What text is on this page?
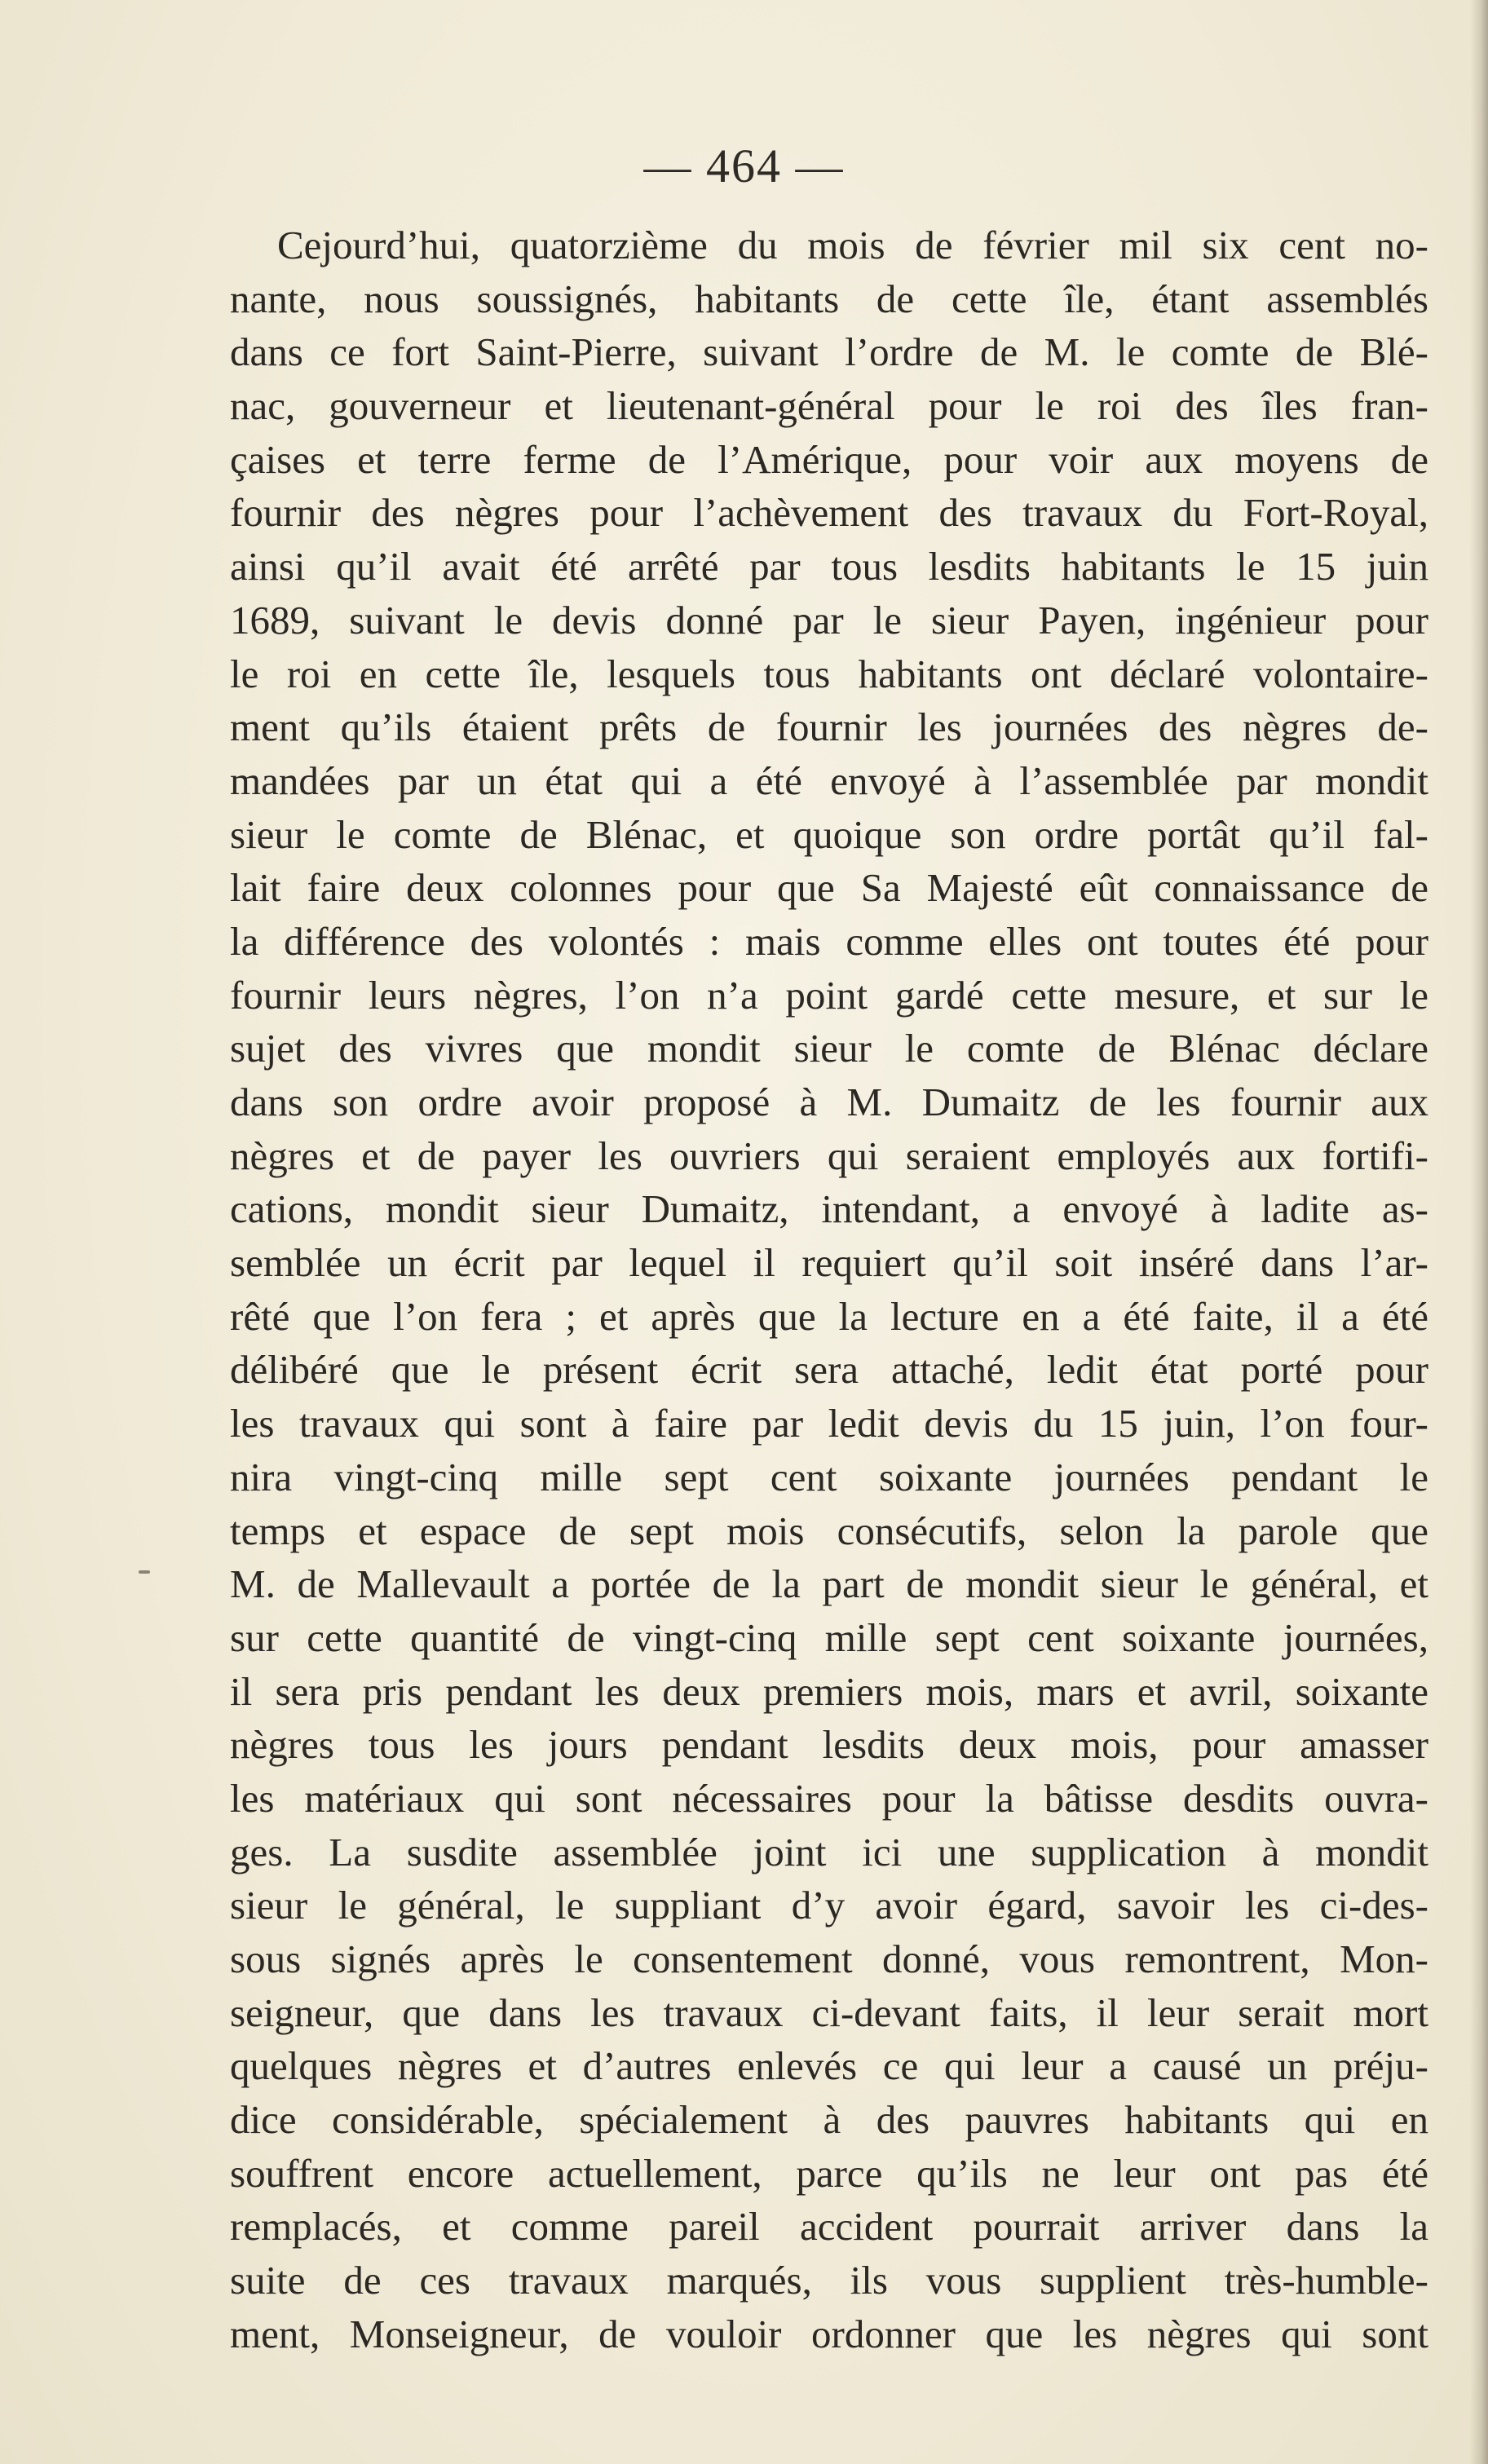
— 464 —
Cejourd’hui, quatorzième du mois de février mil six cent no-
nante, nous soussignés, habitants de cette île, étant assemblés
dans ce fort Saint-Pierre, suivant l’ordre de M. le comte de Blé-
nac, gouverneur et lieutenant-général pour le roi des îles fran-
çaises et terre ferme de l’Amérique, pour voir aux moyens de
fournir des nègres pour l’achèvement des travaux du Fort-Royal,
ainsi qu’il avait été arrêté par tous lesdits habitants le 15 juin
1689, suivant le devis donné par le sieur Payen, ingénieur pour
le roi en cette île, lesquels tous habitants ont déclaré volontaire-
ment qu’ils étaient prêts de fournir les journées des nègres de-
mandées par un état qui a été envoyé à l’assemblée par mondit
sieur le comte de Blénac, et quoique son ordre portât qu’il fal-
lait faire deux colonnes pour que Sa Majesté eût connaissance de
la différence des volontés : mais comme elles ont toutes été pour
fournir leurs nègres, l’on n’a point gardé cette mesure, et sur le
sujet des vivres que mondit sieur le comte de Blénac déclare
dans son ordre avoir proposé à M. Dumaitz de les fournir aux
nègres et de payer les ouvriers qui seraient employés aux fortifi-
cations, mondit sieur Dumaitz, intendant, a envoyé à ladite as-
semblée un écrit par lequel il requiert qu’il soit inséré dans l’ar-
rêté que l’on fera ; et après que la lecture en a été faite, il a été
délibéré que le présent écrit sera attaché, ledit état porté pour
les travaux qui sont à faire par ledit devis du 15 juin, l’on four-
nira vingt-cinq mille sept cent soixante journées pendant le
temps et espace de sept mois consécutifs, selon la parole que
M. de Mallevault a portée de la part de mondit sieur le général, et
sur cette quantité de vingt-cinq mille sept cent soixante journées,
il sera pris pendant les deux premiers mois, mars et avril, soixante
nègres tous les jours pendant lesdits deux mois, pour amasser
les matériaux qui sont nécessaires pour la bâtisse desdits ouvra-
ges. La susdite assemblée joint ici une supplication à mondit
sieur le général, le suppliant d’y avoir égard, savoir les ci-des-
sous signés après le consentement donné, vous remontrent, Mon-
seigneur, que dans les travaux ci-devant faits, il leur serait mort
quelques nègres et d’autres enlevés ce qui leur a causé un préju-
dice considérable, spécialement à des pauvres habitants qui en
souffrent encore actuellement, parce qu’ils ne leur ont pas été
remplacés, et comme pareil accident pourrait arriver dans la
suite de ces travaux marqués, ils vous supplient très-humble-
ment, Monseigneur, de vouloir ordonner que les nègres qui sont
